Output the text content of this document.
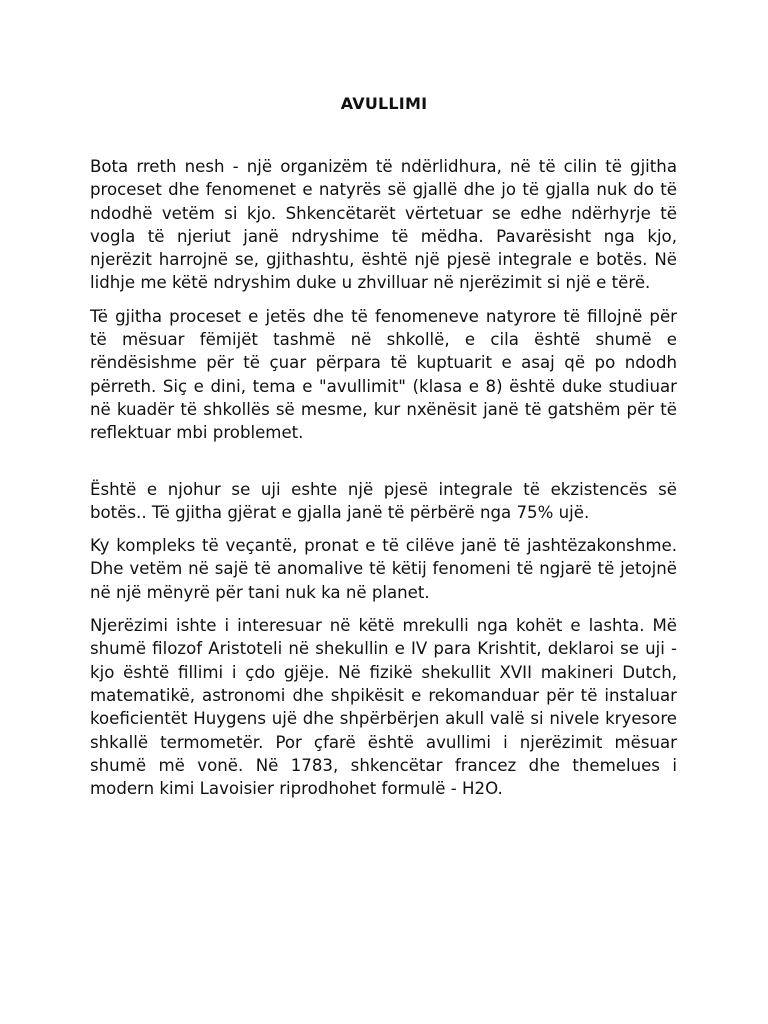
AVULLIMI

Bota rreth nesh - një organizëm të ndërlidhura, në të cilin të gjitha proceset dhe fenomenet e natyrës së gjallë dhe jo të gjalla nuk do të ndodhë vetëm si kjo. Shkencëtarët vërtetuar se edhe ndërhyrje të vogla të njeriut janë ndryshime të mëdha. Pavarësisht nga kjo, njerëzit harrojnë se, gjithashtu, është një pjesë integrale e botës. Në lidhje me këtë ndryshim duke u zhvilluar në njerëzimit si një e tërë.

Të gjitha proceset e jetës dhe të fenomeneve natyrore të fillojnë për të mësuar fëmijët tashmë në shkollë, e cila është shumë e rëndësishme për të çuar përpara të kuptuarit e asaj që po ndodh përreth. Siç e dini, tema e "avullimit" (klasa e 8) është duke studiuar në kuadër të shkollës së mesme, kur nxënësit janë të gatshëm për të reflektuar mbi problemet.

Është e njohur se uji eshte një pjesë integrale të ekzistencës së botës.. Të gjitha gjërat e gjalla janë të përbërë nga 75% ujë.

Ky kompleks të veçantë, pronat e të cilëve janë të jashtëzakonshme. Dhe vetëm në sajë të anomalive të këtij fenomeni të ngjarë të jetojnë në një mënyrë për tani nuk ka në planet.

Njerëzimi ishte i interesuar në këtë mrekulli nga kohët e lashta. Më shumë filozof Aristoteli në shekullin e IV para Krishtit, deklaroi se uji - kjo është fillimi i çdo gjëje. Në fizikë shekullit XVII makineri Dutch, matematikë, astronomi dhe shpikësit e rekomanduar për të instaluar koeficientët Huygens ujë dhe shpërbërjen akull valë si nivele kryesore shkallë termometër. Por çfarë është avullimi i njerëzimit mësuar shumë më vonë. Në 1783, shkencëtar francez dhe themelues i modern kimi Lavoisier riprodhohet formulë - H2O.
